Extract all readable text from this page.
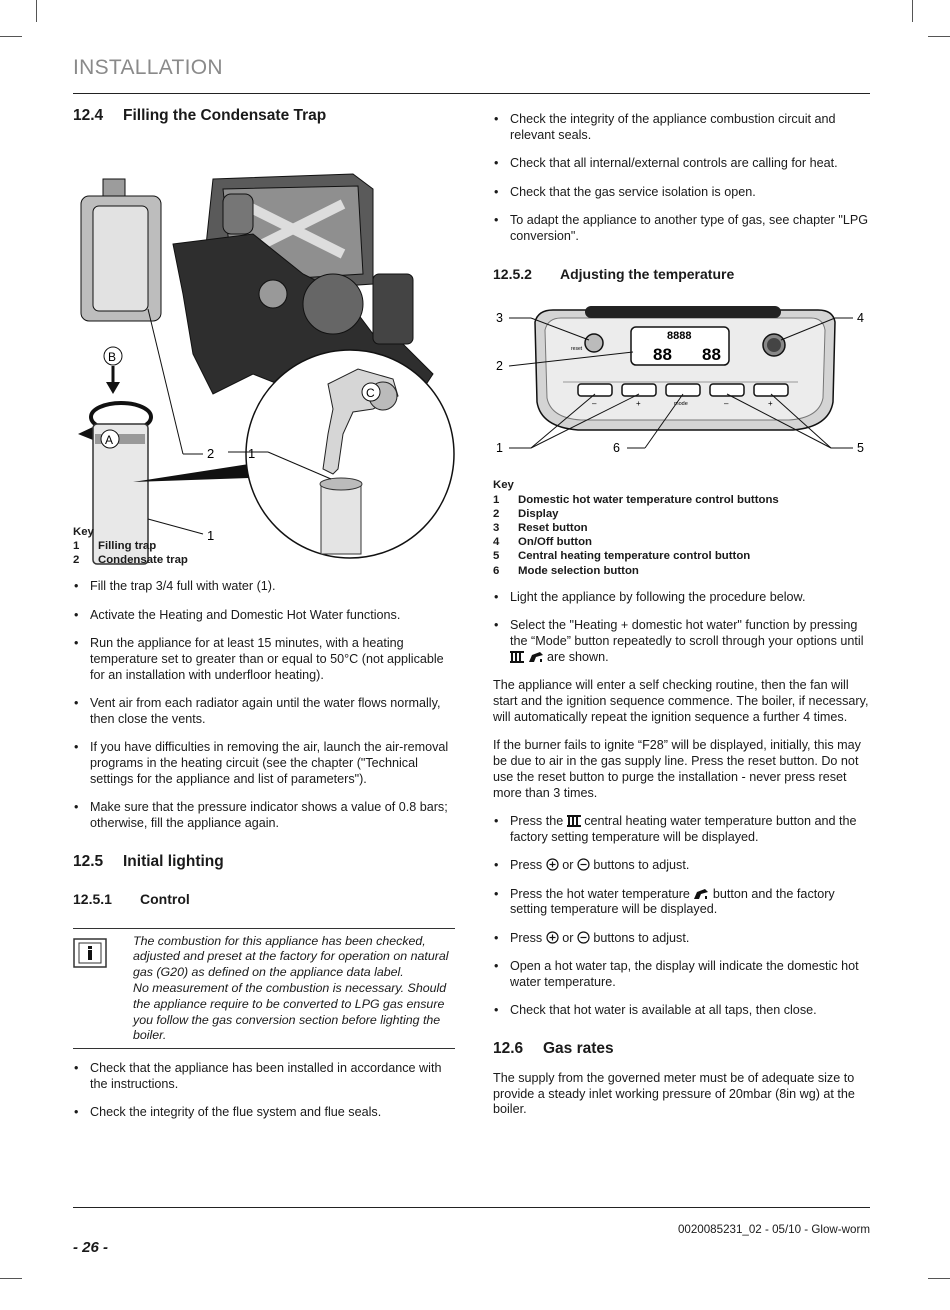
INSTALLATION
12.4	Filling the Condensate Trap
B
A
2
1
C
1
Key
1	Filling trap
2	Condensate trap
• Fill the trap 3/4 full with water (1).
• Activate the Heating and Domestic Hot Water functions.
• Run the appliance for at least 15 minutes, with a heating temperature set to greater than or equal to 50°C (not applicable for an installation with underfloor heating).
• Vent air from each radiator again until the water flows normally, then close the vents.
• If you have difficulties in removing the air, launch the air-removal programs in the heating circuit (see the chapter ("Technical settings for the appliance and list of parameters").
• Make sure that the pressure indicator shows a value of 0.8 bars; otherwise, fill the appliance again.
12.5	Initial lighting
12.5.1	Control
The combustion for this appliance has been checked, adjusted and preset at the factory for operation on natural gas (G20) as defined on the appliance data label.
No measurement of the combustion is necessary. Should the appliance require to be converted to LPG gas ensure you follow the gas conversion section before lighting the boiler.
• Check that the appliance has been installed in accordance with the instructions.
• Check the integrity of the flue system and flue seals.
• Check the integrity of the appliance combustion circuit and relevant seals.
• Check that all internal/external controls are calling for heat.
• Check that the gas service isolation is open.
• To adapt the appliance to another type of gas, see chapter "LPG conversion".
12.5.2	Adjusting the temperature
8888
88 88
reset
–	+	mode	–	+
3	4
2
1	6	5
Key
1	Domestic hot water temperature control buttons
2	Display
3	Reset button
4	On/Off button
5	Central heating temperature control button
6	Mode selection button
• Light the appliance by following the procedure below.
• Select the "Heating + domestic hot water" function by pressing the “Mode” button repeatedly to scroll through your options until   are shown.

The appliance will enter a self checking routine, then the fan will start and the ignition sequence commence. The boiler, if necessary, will automatically repeat the ignition sequence a further 4 times.

If the burner fails to ignite “F28” will be displayed, initially, this may be due to air in the gas supply line. Press the reset button. Do not use the reset button to purge the installation - never press reset more than 3 times.

• Press the central heating water temperature button and the factory setting temperature will be displayed.
• Press or buttons to adjust.
• Press the hot water temperature button and the factory setting temperature will be displayed.
• Press or buttons to adjust.
• Open a hot water tap, the display will indicate the domestic hot water temperature.
• Check that hot water is available at all taps, then close.
12.6	Gas rates

The supply from the governed meter must be of adequate size to provide a steady inlet working pressure of 20mbar (8in wg) at the boiler.

0020085231_02 - 05/10 - Glow-worm
- 26 -
